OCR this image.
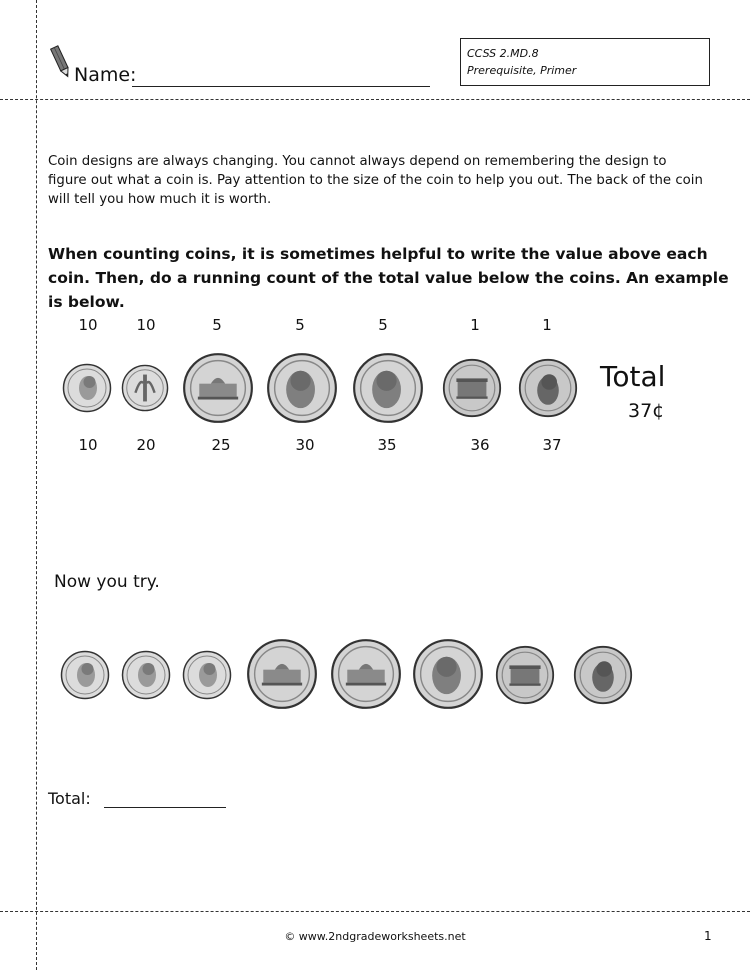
Name:
CCSS 2.MD.8
Prerequisite, Primer
Coin designs are always changing. You cannot always depend on remembering the design to figure out what a coin is. Pay attention to the size of the coin to help you out. The back of the coin will tell you how much it is worth.
When counting coins, it is sometimes helpful to write the value above each coin. Then, do a running count of the total value below the coins. An example is below.
10	10	5	5	5	1	1
Total
37¢
10	20	25	30	35	36	37
Now you try.
Total:
© www.2ndgradeworksheets.net	1
